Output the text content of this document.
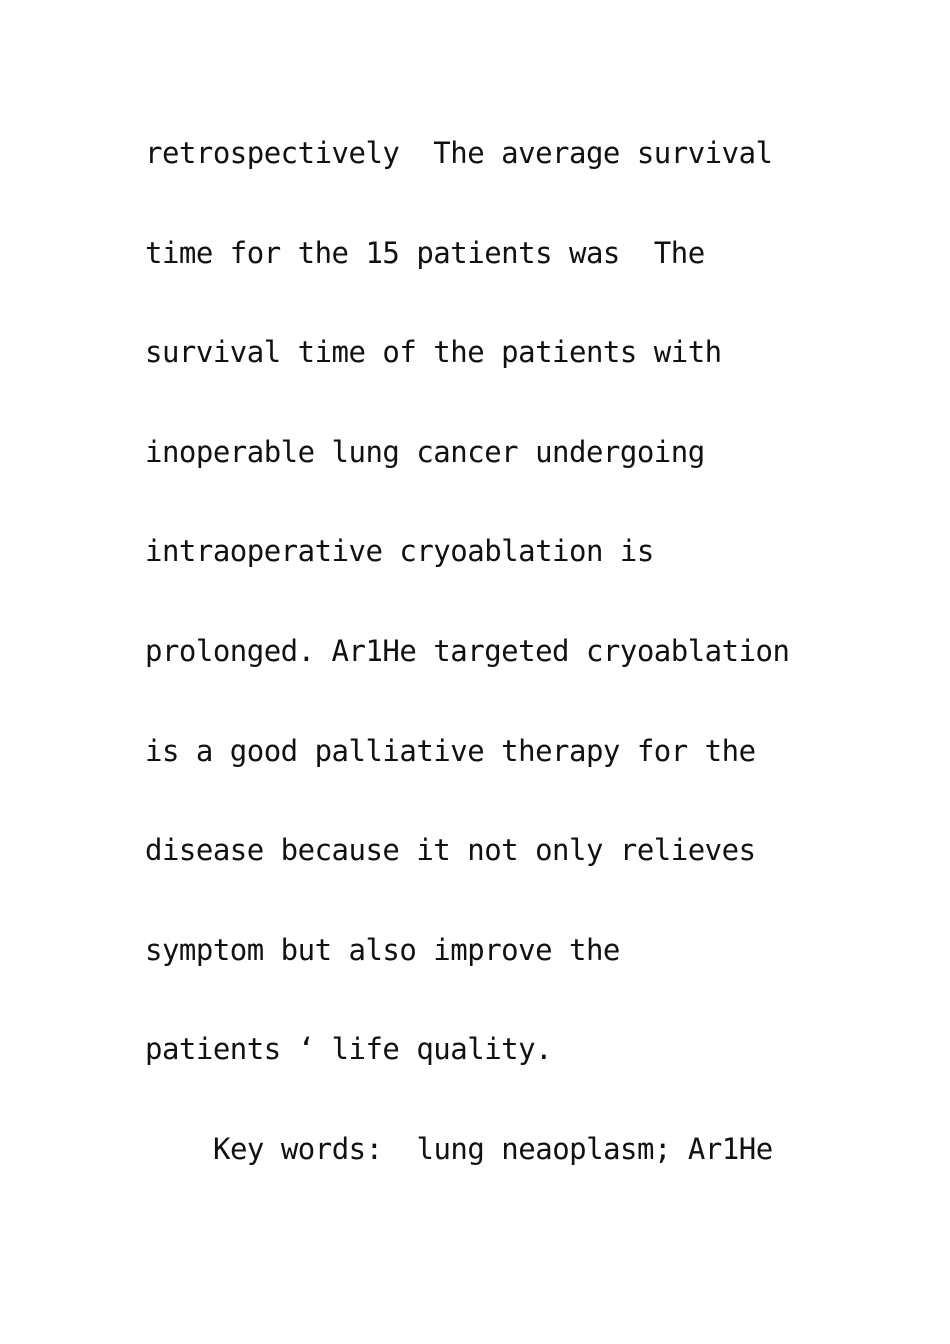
retrospectively  The average survival
time for the 15 patients was  The
survival time of the patients with
inoperable lung cancer undergoing
intraoperative cryoablation is
prolonged. Ar1He targeted cryoablation
is a good palliative therapy for the
disease because it not only relieves
symptom but also improve the
patients ‘ life quality.
Key words:  lung neaoplasm; Ar1He
